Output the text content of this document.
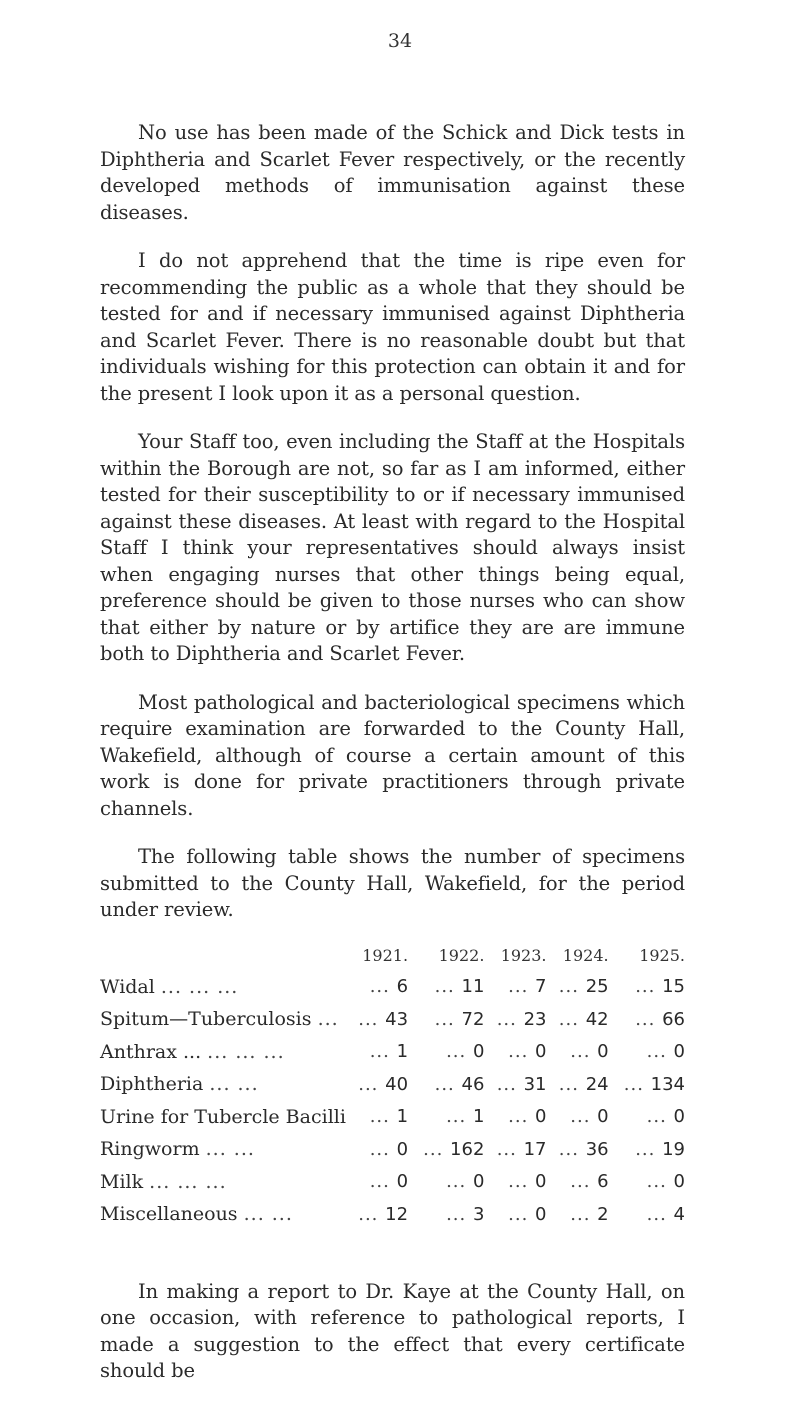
34

No use has been made of the Schick and Dick tests in Diphtheria and Scarlet Fever respectively, or the recently developed methods of immunisation against these diseases.

I do not apprehend that the time is ripe even for recommending the public as a whole that they should be tested for and if necessary immunised against Diphtheria and Scarlet Fever. There is no reasonable doubt but that individuals wishing for this protection can obtain it and for the present I look upon it as a personal question.

Your Staff too, even including the Staff at the Hospitals within the Borough are not, so far as I am informed, either tested for their susceptibility to or if necessary immunised against these diseases. At least with regard to the Hospital Staff I think your representatives should always insist when engaging nurses that other things being equal, preference should be given to those nurses who can show that either by nature or by artifice they are are immune both to Diphtheria and Scarlet Fever.

Most pathological and bacteriological specimens which require examination are forwarded to the County Hall, Wakefield, although of course a certain amount of this work is done for private practitioners through private channels.

The following table shows the number of specimens submitted to the County Hall, Wakefield, for the period under review.

	1921.	1922.	1923.	1924.	1925.
Widal ... ... ...	... 6	... 11	... 7	... 25	... 15
Spitum—Tuberculosis ...	... 43	... 72	... 23	... 42	... 66
Anthrax ... ... ... ...	... 1	... 0	... 0	... 0	... 0
Diphtheria ... ...	... 40	... 46	... 31	... 24	... 134
Urine for Tubercle Bacilli	... 1	... 1	... 0	... 0	... 0
Ringworm ... ...	... 0	... 162	... 17	... 36	... 19
Milk ... ... ...	... 0	... 0	... 0	... 6	... 0
Miscellaneous ... ...	... 12	... 3	... 0	... 2	... 4

In making a report to Dr. Kaye at the County Hall, on one occasion, with reference to pathological reports, I made a suggestion to the effect that every certificate should be
